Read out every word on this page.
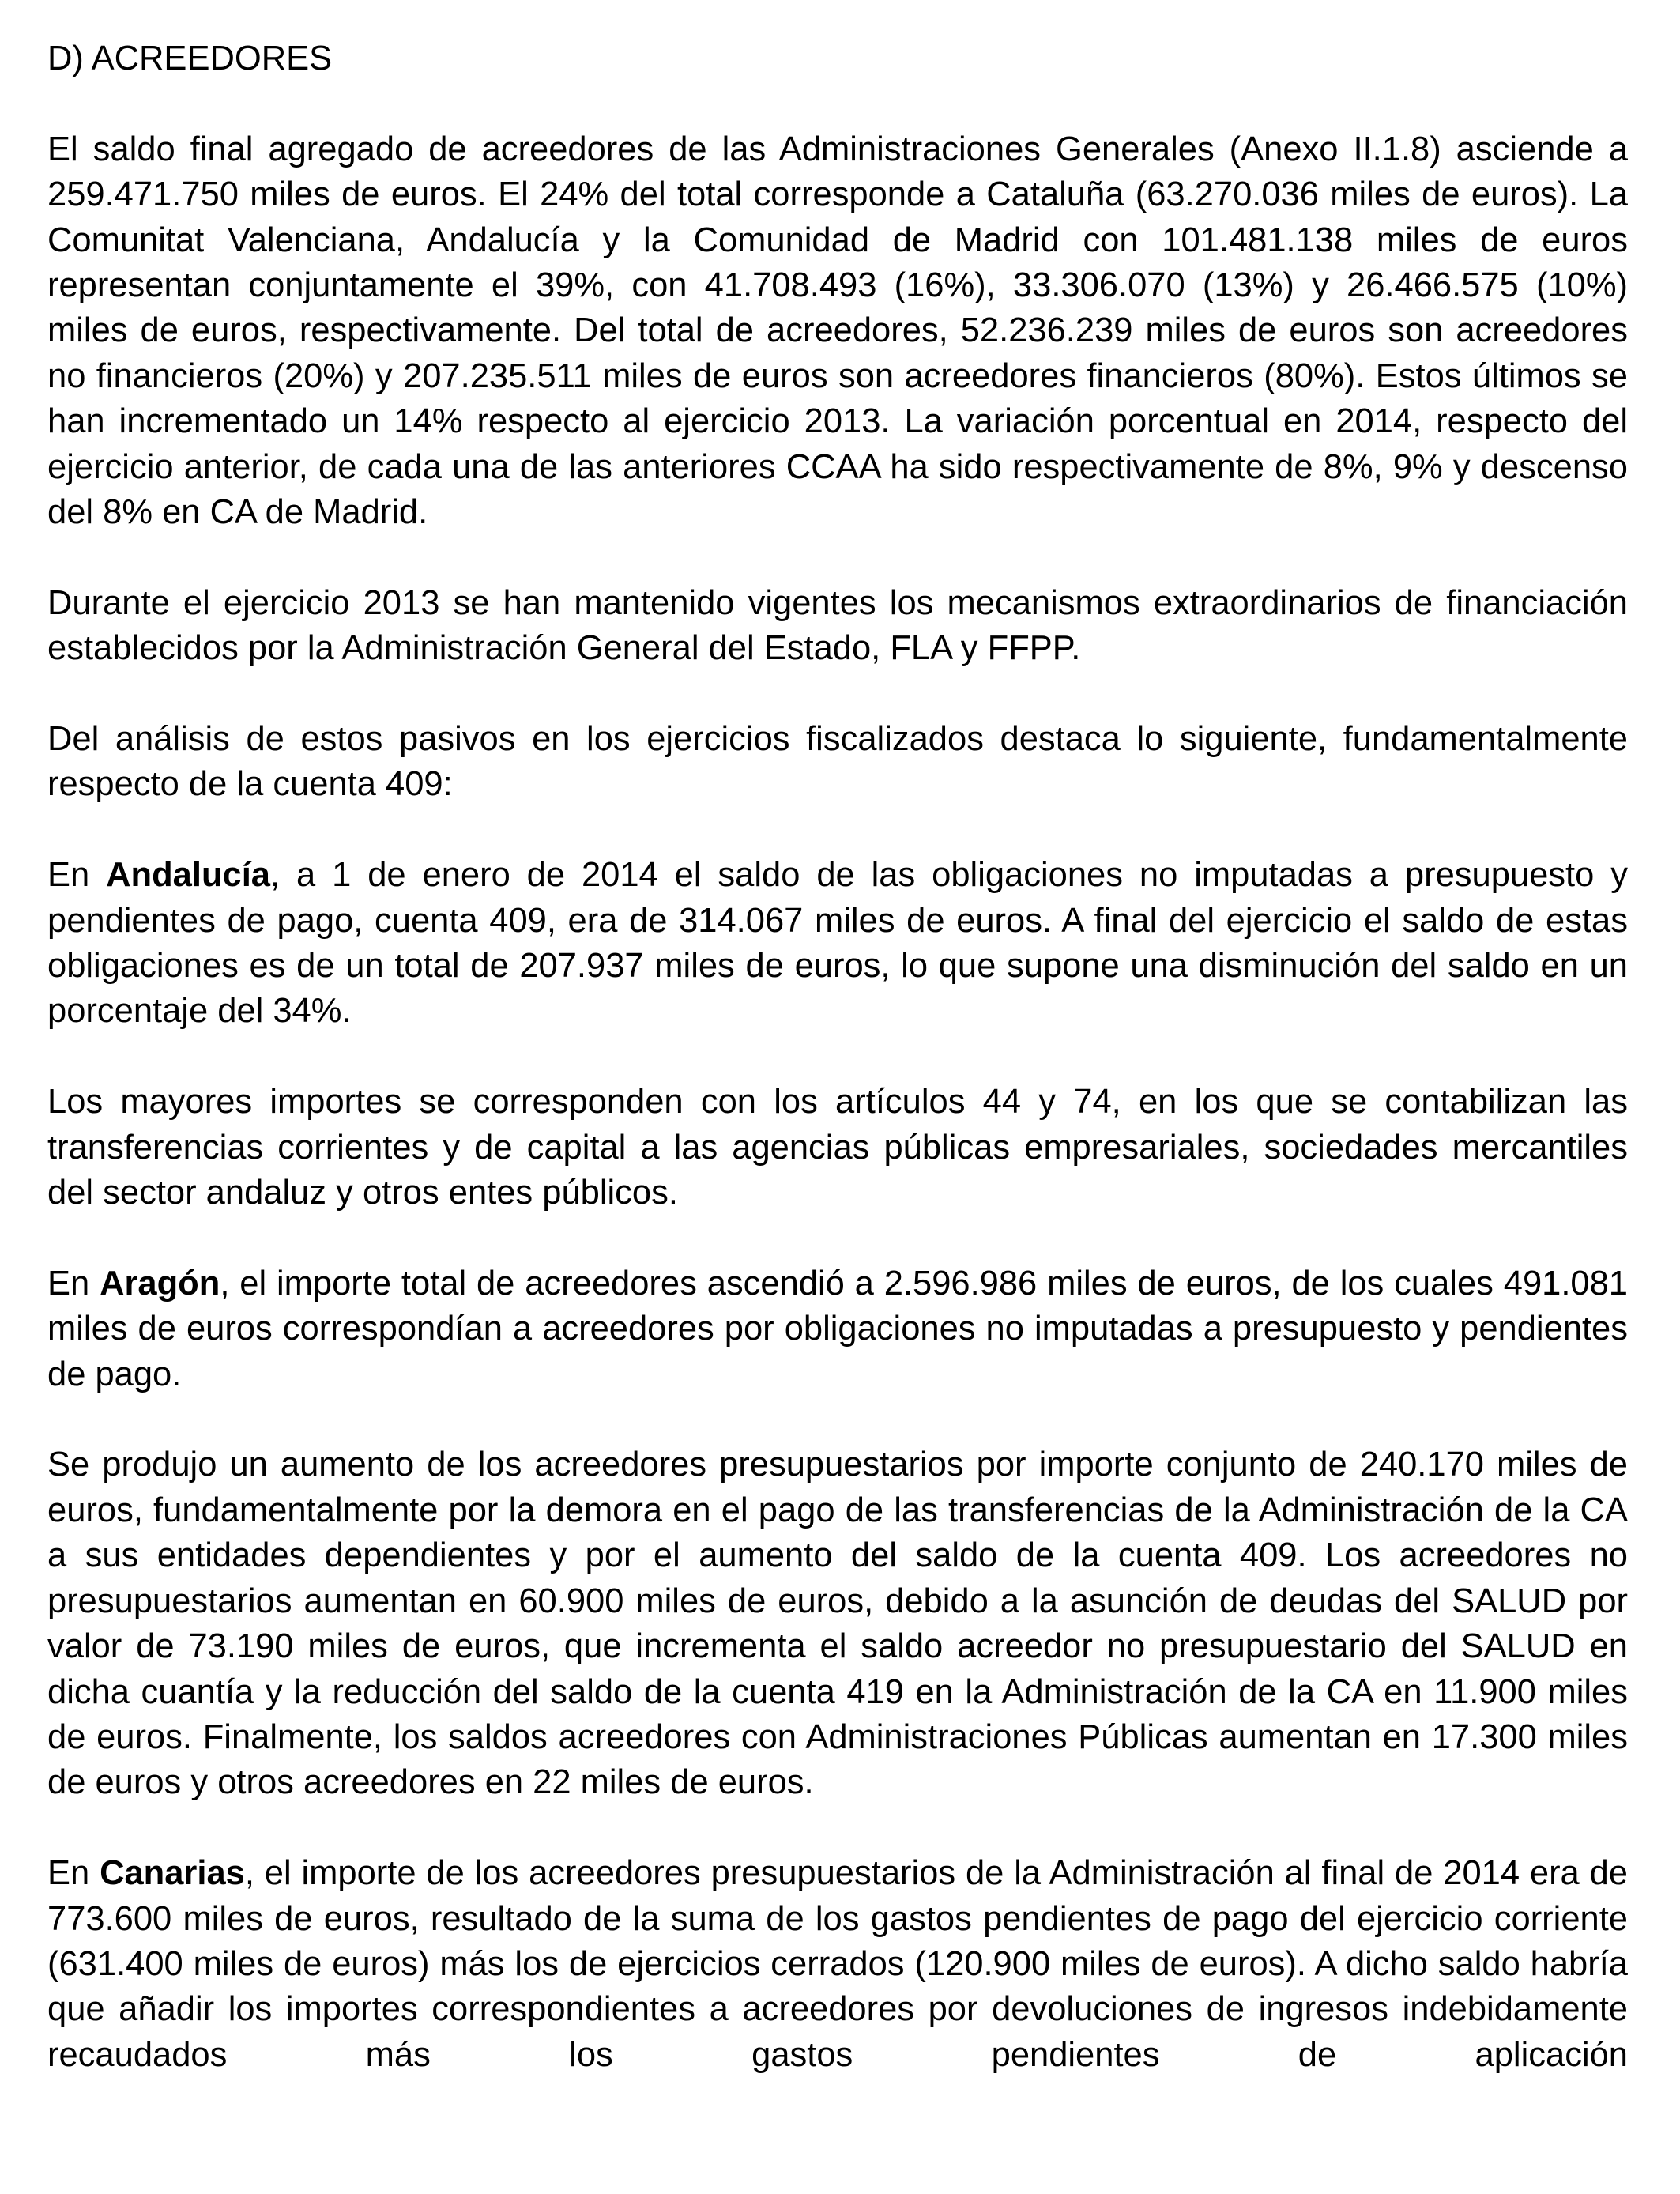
D) ACREEDORES

El saldo final agregado de acreedores de las Administraciones Generales (Anexo II.1.8) asciende a 259.471.750 miles de euros. El 24% del total corresponde a Cataluña (63.270.036 miles de euros). La Comunitat Valenciana, Andalucía y la Comunidad de Madrid con 101.481.138 miles de euros representan conjuntamente el 39%, con 41.708.493 (16%), 33.306.070 (13%) y 26.466.575 (10%) miles de euros, respectivamente. Del total de acreedores, 52.236.239 miles de euros son acreedores no financieros (20%) y 207.235.511 miles de euros son acreedores financieros (80%). Estos últimos se han incrementado un 14% respecto al ejercicio 2013. La variación porcentual en 2014, respecto del ejercicio anterior, de cada una de las anteriores CCAA ha sido respectivamente de 8%, 9% y descenso del 8% en CA de Madrid.

Durante el ejercicio 2013 se han mantenido vigentes los mecanismos extraordinarios de financiación establecidos por la Administración General del Estado, FLA y FFPP.

Del análisis de estos pasivos en los ejercicios fiscalizados destaca lo siguiente, fundamentalmente respecto de la cuenta 409:

En Andalucía, a 1 de enero de 2014 el saldo de las obligaciones no imputadas a presupuesto y pendientes de pago, cuenta 409, era de 314.067 miles de euros. A final del ejercicio el saldo de estas obligaciones es de un total de 207.937 miles de euros, lo que supone una disminución del saldo en un porcentaje del 34%.

Los mayores importes se corresponden con los artículos 44 y 74, en los que se contabilizan las transferencias corrientes y de capital a las agencias públicas empresariales, sociedades mercantiles del sector andaluz y otros entes públicos.

En Aragón, el importe total de acreedores ascendió a 2.596.986 miles de euros, de los cuales 491.081 miles de euros correspondían a acreedores por obligaciones no imputadas a presupuesto y pendientes de pago.

Se produjo un aumento de los acreedores presupuestarios por importe conjunto de 240.170 miles de euros, fundamentalmente por la demora en el pago de las transferencias de la Administración de la CA a sus entidades dependientes y por el aumento del saldo de la cuenta 409. Los acreedores no presupuestarios aumentan en 60.900 miles de euros, debido a la asunción de deudas del SALUD por valor de 73.190 miles de euros, que incrementa el saldo acreedor no presupuestario del SALUD en dicha cuantía y la reducción del saldo de la cuenta 419 en la Administración de la CA en 11.900 miles de euros. Finalmente, los saldos acreedores con Administraciones Públicas aumentan en 17.300 miles de euros y otros acreedores en 22 miles de euros.

En Canarias, el importe de los acreedores presupuestarios de la Administración al final de 2014 era de 773.600 miles de euros, resultado de la suma de los gastos pendientes de pago del ejercicio corriente (631.400 miles de euros) más los de ejercicios cerrados (120.900 miles de euros). A dicho saldo habría que añadir los importes correspondientes a acreedores por devoluciones de ingresos indebidamente recaudados más los gastos pendientes de aplicación
